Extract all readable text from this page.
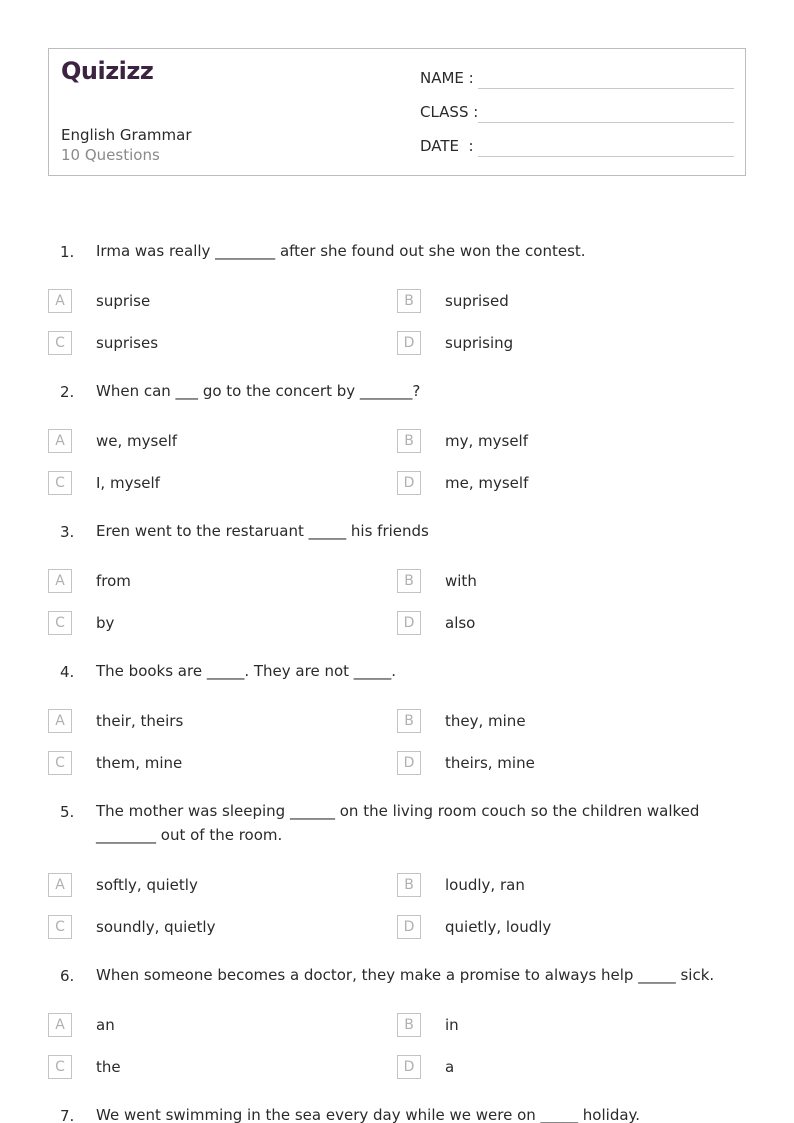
Quizizz
English Grammar
10 Questions
NAME :
CLASS :
DATE  :
1. Irma was really ________ after she found out she won the contest.
A	suprise	B	suprised
C	suprises	D	suprising
2. When can ___ go to the concert by _______?
A	we, myself	B	my, myself
C	I, myself	D	me, myself
3. Eren went to the restaruant _____ his friends
A	from	B	with
C	by	D	also
4. The books are _____. They are not _____.
A	their, theirs	B	they, mine
C	them, mine	D	theirs, mine
5. The mother was sleeping ______ on the living room couch so the children walked ________ out of the room.
A	softly, quietly	B	loudly, ran
C	soundly, quietly	D	quietly, loudly
6. When someone becomes a doctor, they make a promise to always help _____ sick.
A	an	B	in
C	the	D	a
7. We went swimming in the sea every day while we were on _____ holiday.
